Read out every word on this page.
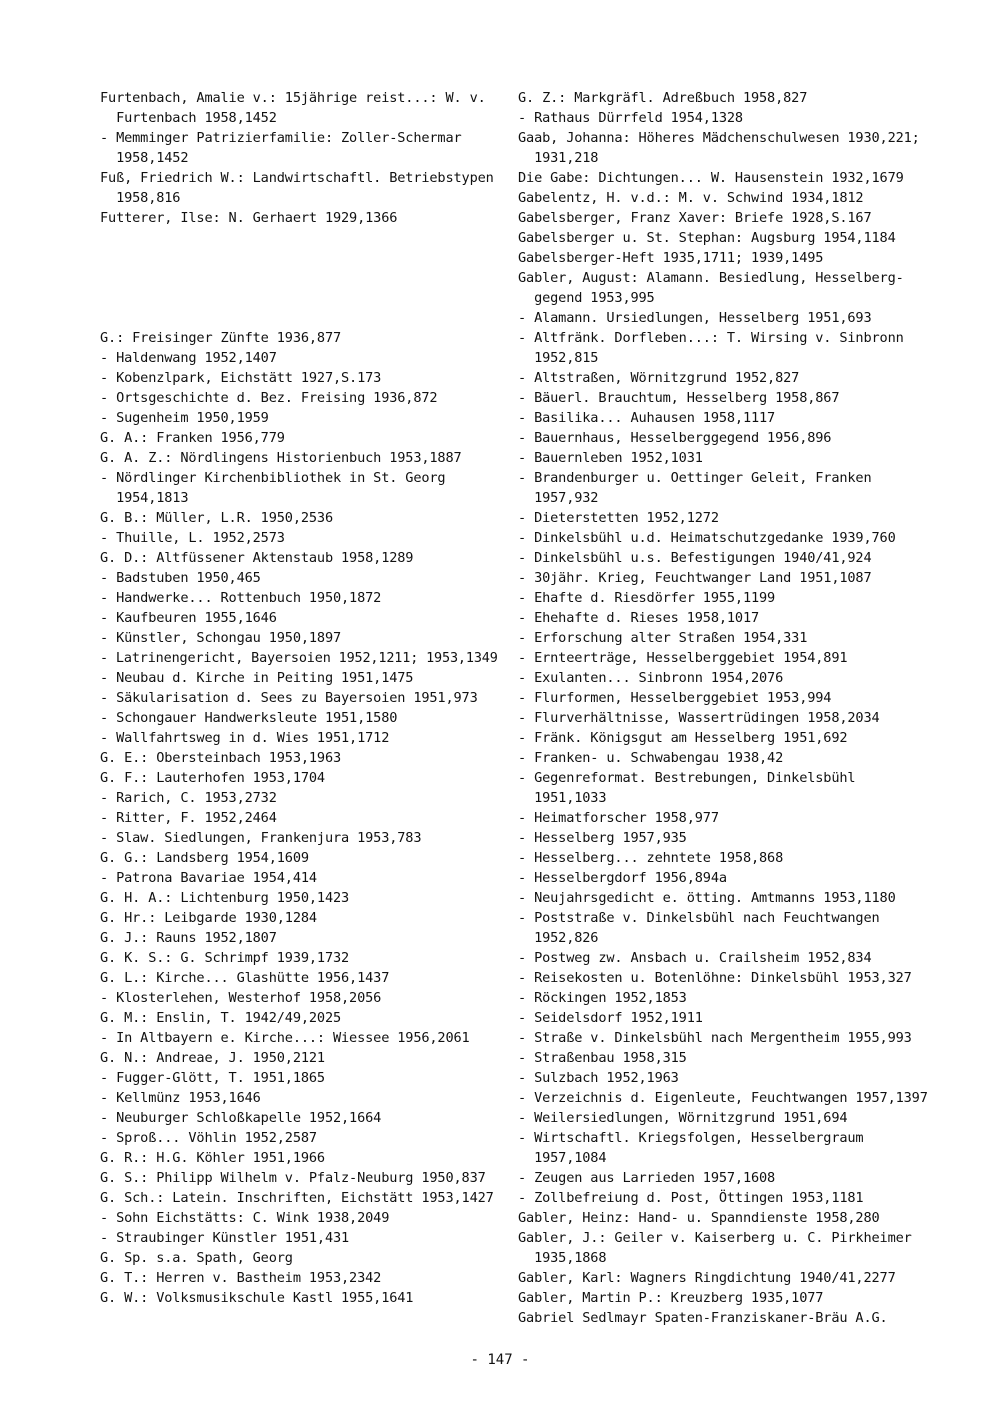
Furtenbach, Amalie v.: 15jährige reist...: W. v.
Furtenbach 1958,1452
- Memminger Patrizierfamilie: Zoller-Schermar
1958,1452
Fuß, Friedrich W.: Landwirtschaftl. Betriebstypen
1958,816
Futterer, Ilse: N. Gerhaert 1929,1366
G.: Freisinger Zünfte 1936,877
- Haldenwang 1952,1407
- Kobenzlpark, Eichstätt 1927,S.173
- Ortsgeschichte d. Bez. Freising 1936,872
- Sugenheim 1950,1959
G. A.: Franken 1956,779
G. A. Z.: Nördlingens Historienbuch 1953,1887
- Nördlinger Kirchenbibliothek in St. Georg
1954,1813
G. B.: Müller, L.R. 1950,2536
- Thuille, L. 1952,2573
G. D.: Altfüssener Aktenstaub 1958,1289
- Badstuben 1950,465
- Handwerke... Rottenbuch 1950,1872
- Kaufbeuren 1955,1646
- Künstler, Schongau 1950,1897
- Latrinengericht, Bayersoien 1952,1211; 1953,1349
- Neubau d. Kirche in Peiting 1951,1475
- Säkularisation d. Sees zu Bayersoien 1951,973
- Schongauer Handwerksleute 1951,1580
- Wallfahrtsweg in d. Wies 1951,1712
G. E.: Obersteinbach 1953,1963
G. F.: Lauterhofen 1953,1704
- Rarich, C. 1953,2732
- Ritter, F. 1952,2464
- Slaw. Siedlungen, Frankenjura 1953,783
G. G.: Landsberg 1954,1609
- Patrona Bavariae 1954,414
G. H. A.: Lichtenburg 1950,1423
G. Hr.: Leibgarde 1930,1284
G. J.: Rauns 1952,1807
G. K. S.: G. Schrimpf 1939,1732
G. L.: Kirche... Glashütte 1956,1437
- Klosterlehen, Westerhof 1958,2056
G. M.: Enslin, T. 1942/49,2025
- In Altbayern e. Kirche...: Wiessee 1956,2061
G. N.: Andreae, J. 1950,2121
- Fugger-Glött, T. 1951,1865
- Kellmünz 1953,1646
- Neuburger Schloßkapelle 1952,1664
- Sproß... Vöhlin 1952,2587
G. R.: H.G. Köhler 1951,1966
G. S.: Philipp Wilhelm v. Pfalz-Neuburg 1950,837
G. Sch.: Latein. Inschriften, Eichstätt 1953,1427
- Sohn Eichstätts: C. Wink 1938,2049
- Straubinger Künstler 1951,431
G. Sp. s.a. Spath, Georg
G. T.: Herren v. Bastheim 1953,2342
G. W.: Volksmusikschule Kastl 1955,1641
G. Z.: Markgräfl. Adreßbuch 1958,827
- Rathaus Dürrfeld 1954,1328
Gaab, Johanna: Höheres Mädchenschulwesen 1930,221;
1931,218
Die Gabe: Dichtungen... W. Hausenstein 1932,1679
Gabelentz, H. v.d.: M. v. Schwind 1934,1812
Gabelsberger, Franz Xaver: Briefe 1928,S.167
Gabelsberger u. St. Stephan: Augsburg 1954,1184
Gabelsberger-Heft 1935,1711; 1939,1495
Gabler, August: Alamann. Besiedlung, Hesselberg-
gegend 1953,995
- Alamann. Ursiedlungen, Hesselberg 1951,693
- Altfränk. Dorfleben...: T. Wirsing v. Sinbronn
1952,815
- Altstraßen, Wörnitzgrund 1952,827
- Bäuerl. Brauchtum, Hesselberg 1958,867
- Basilika... Auhausen 1958,1117
- Bauernhaus, Hesselberggegend 1956,896
- Bauernleben 1952,1031
- Brandenburger u. Oettinger Geleit, Franken
1957,932
- Dieterstetten 1952,1272
- Dinkelsbühl u.d. Heimatschutzgedanke 1939,760
- Dinkelsbühl u.s. Befestigungen 1940/41,924
- 30jähr. Krieg, Feuchtwanger Land 1951,1087
- Ehafte d. Riesdörfer 1955,1199
- Ehehafte d. Rieses 1958,1017
- Erforschung alter Straßen 1954,331
- Ernteerträge, Hesselberggebiet 1954,891
- Exulanten... Sinbronn 1954,2076
- Flurformen, Hesselberggebiet 1953,994
- Flurverhältnisse, Wassertrüdingen 1958,2034
- Fränk. Königsgut am Hesselberg 1951,692
- Franken- u. Schwabengau 1938,42
- Gegenreformat. Bestrebungen, Dinkelsbühl
1951,1033
- Heimatforscher 1958,977
- Hesselberg 1957,935
- Hesselberg... zehntete 1958,868
- Hesselbergdorf 1956,894a
- Neujahrsgedicht e. ötting. Amtmanns 1953,1180
- Poststraße v. Dinkelsbühl nach Feuchtwangen
1952,826
- Postweg zw. Ansbach u. Crailsheim 1952,834
- Reisekosten u. Botenlöhne: Dinkelsbühl 1953,327
- Röckingen 1952,1853
- Seidelsdorf 1952,1911
- Straße v. Dinkelsbühl nach Mergentheim 1955,993
- Straßenbau 1958,315
- Sulzbach 1952,1963
- Verzeichnis d. Eigenleute, Feuchtwangen 1957,1397
- Weilersiedlungen, Wörnitzgrund 1951,694
- Wirtschaftl. Kriegsfolgen, Hesselbergraum
1957,1084
- Zeugen aus Larrieden 1957,1608
- Zollbefreiung d. Post, Öttingen 1953,1181
Gabler, Heinz: Hand- u. Spanndienste 1958,280
Gabler, J.: Geiler v. Kaiserberg u. C. Pirkheimer
1935,1868
Gabler, Karl: Wagners Ringdichtung 1940/41,2277
Gabler, Martin P.: Kreuzberg 1935,1077
Gabriel Sedlmayr Spaten-Franziskaner-Bräu A.G.
- 147 -
